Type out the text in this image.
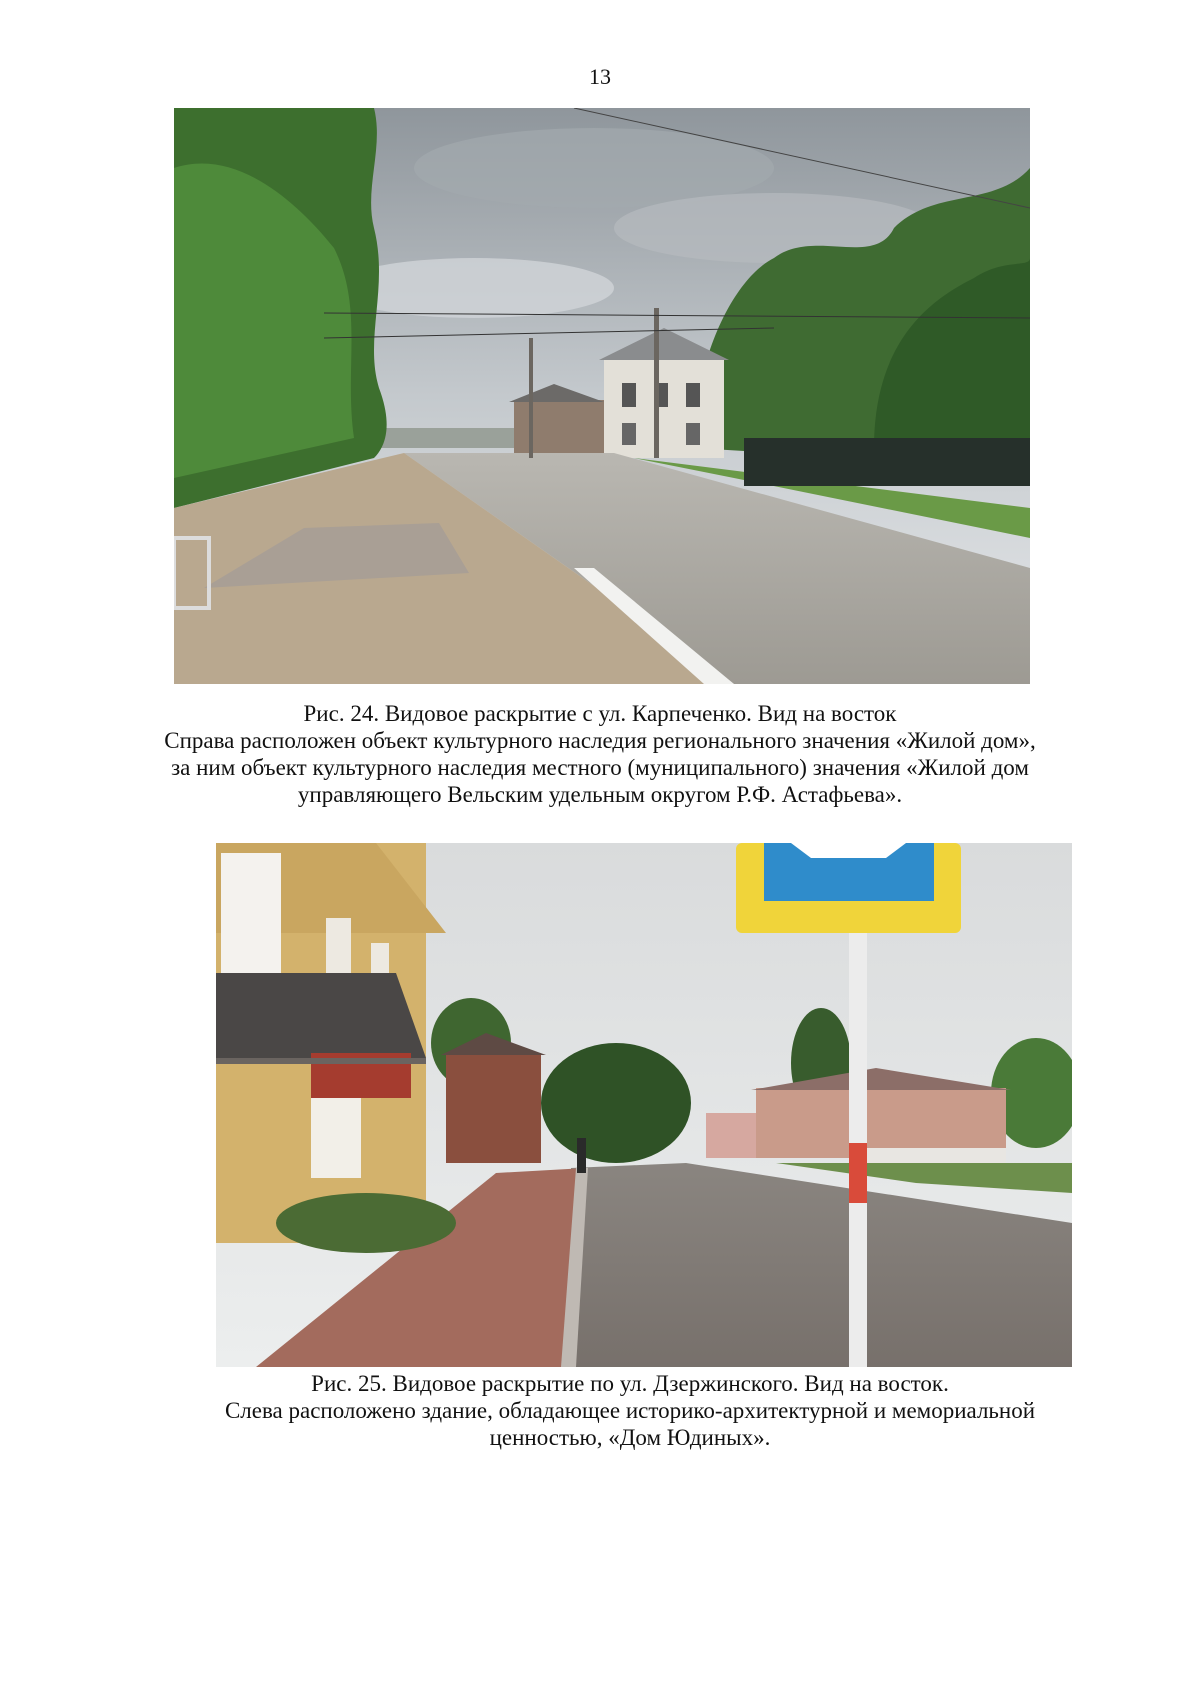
13
Рис. 24. Видовое раскрытие с ул. Карпеченко. Вид на восток
Справа расположен объект культурного наследия регионального значения «Жилой дом»,
за ним объект культурного наследия местного (муниципального) значения «Жилой дом
управляющего Вельским удельным округом Р.Ф. Астафьева».
Рис. 25. Видовое раскрытие по ул. Дзержинского. Вид на восток.
Слева расположено здание, обладающее историко-архитектурной и мемориальной
ценностью, «Дом Юдиных».
